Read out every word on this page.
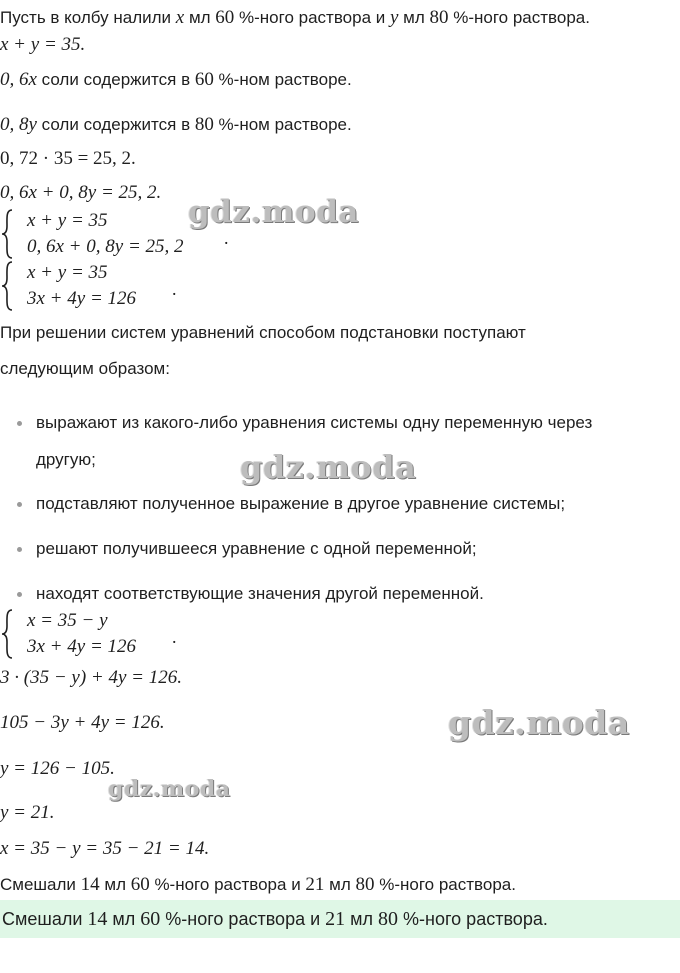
Пусть в колбу налили x мл 60 %-ного раствора и y мл 80 %-ного раствора.
x + y = 35.
0, 6x соли содержится в 60 %-ном растворе.
0, 8y соли содержится в 80 %-ном растворе.
0, 72 · 35 = 25, 2.
0, 6x + 0, 8y = 25, 2.
gdz.moda
x + y = 35
0, 6x + 0, 8y = 25, 2 .
x + y = 35
3x + 4y = 126 .
При решении систем уравнений способом подстановки поступают
следующим образом:
выражают из какого-либо уравнения системы одну переменную через
другую;
подставляют полученное выражение в другое уравнение системы;
решают получившееся уравнение с одной переменной;
находят соответствующие значения другой переменной.
gdz.moda
x = 35 − y
3x + 4y = 126 .
3 · (35 − y) + 4y = 126.
105 − 3y + 4y = 126.	gdz.moda
y = 126 − 105.
gdz.moda
y = 21.
x = 35 − y = 35 − 21 = 14.
Смешали 14 мл 60 %-ного раствора и 21 мл 80 %-ного раствора.
Смешали 14 мл 60 %-ного раствора и 21 мл 80 %-ного раствора.
